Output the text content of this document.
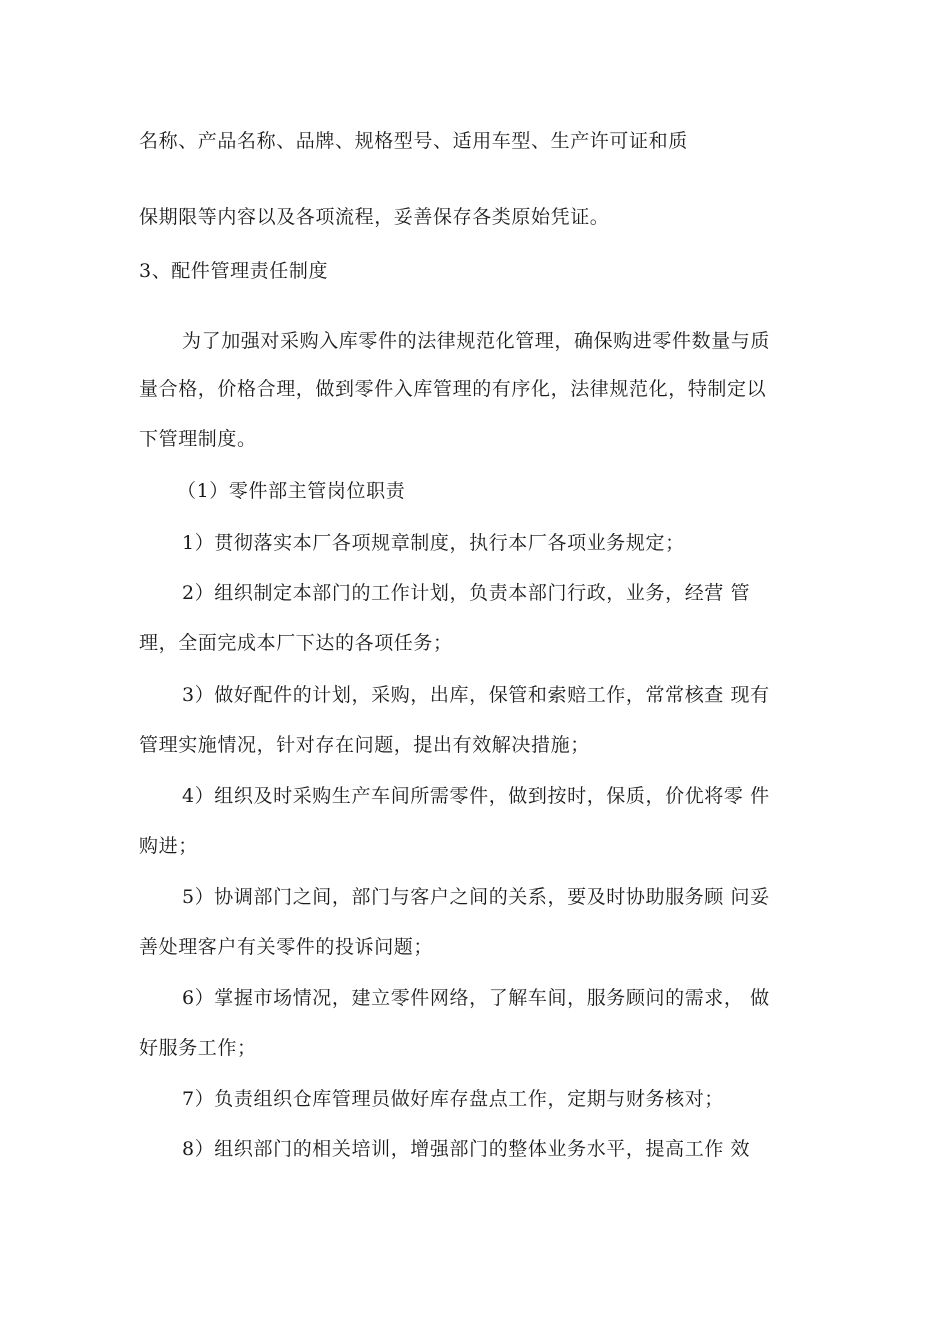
名称、产品名称、品牌、规格型号、适用车型、生产许可证和质
保期限等内容以及各项流程，妥善保存各类原始凭证。
3、配件管理责任制度
为了加强对采购入库零件的法律规范化管理，确保购进零件数量与质
量合格，价格合理，做到零件入库管理的有序化，法律规范化，特制定以
下管理制度。
（1）零件部主管岗位职责
1）贯彻落实本厂各项规章制度，执行本厂各项业务规定；
2）组织制定本部门的工作计划，负责本部门行政，业务，经营 管
理，全面完成本厂下达的各项任务；
3）做好配件的计划，采购，出库，保管和索赔工作，常常核查 现有
管理实施情况，针对存在问题，提出有效解决措施；
4）组织及时采购生产车间所需零件，做到按时，保质，价优将零 件
购进；
5）协调部门之间，部门与客户之间的关系，要及时协助服务顾 问妥
善处理客户有关零件的投诉问题；
6）掌握市场情况，建立零件网络，了解车间，服务顾问的需求， 做
好服务工作；
7）负责组织仓库管理员做好库存盘点工作，定期与财务核对；
8）组织部门的相关培训，增强部门的整体业务水平，提高工作 效
